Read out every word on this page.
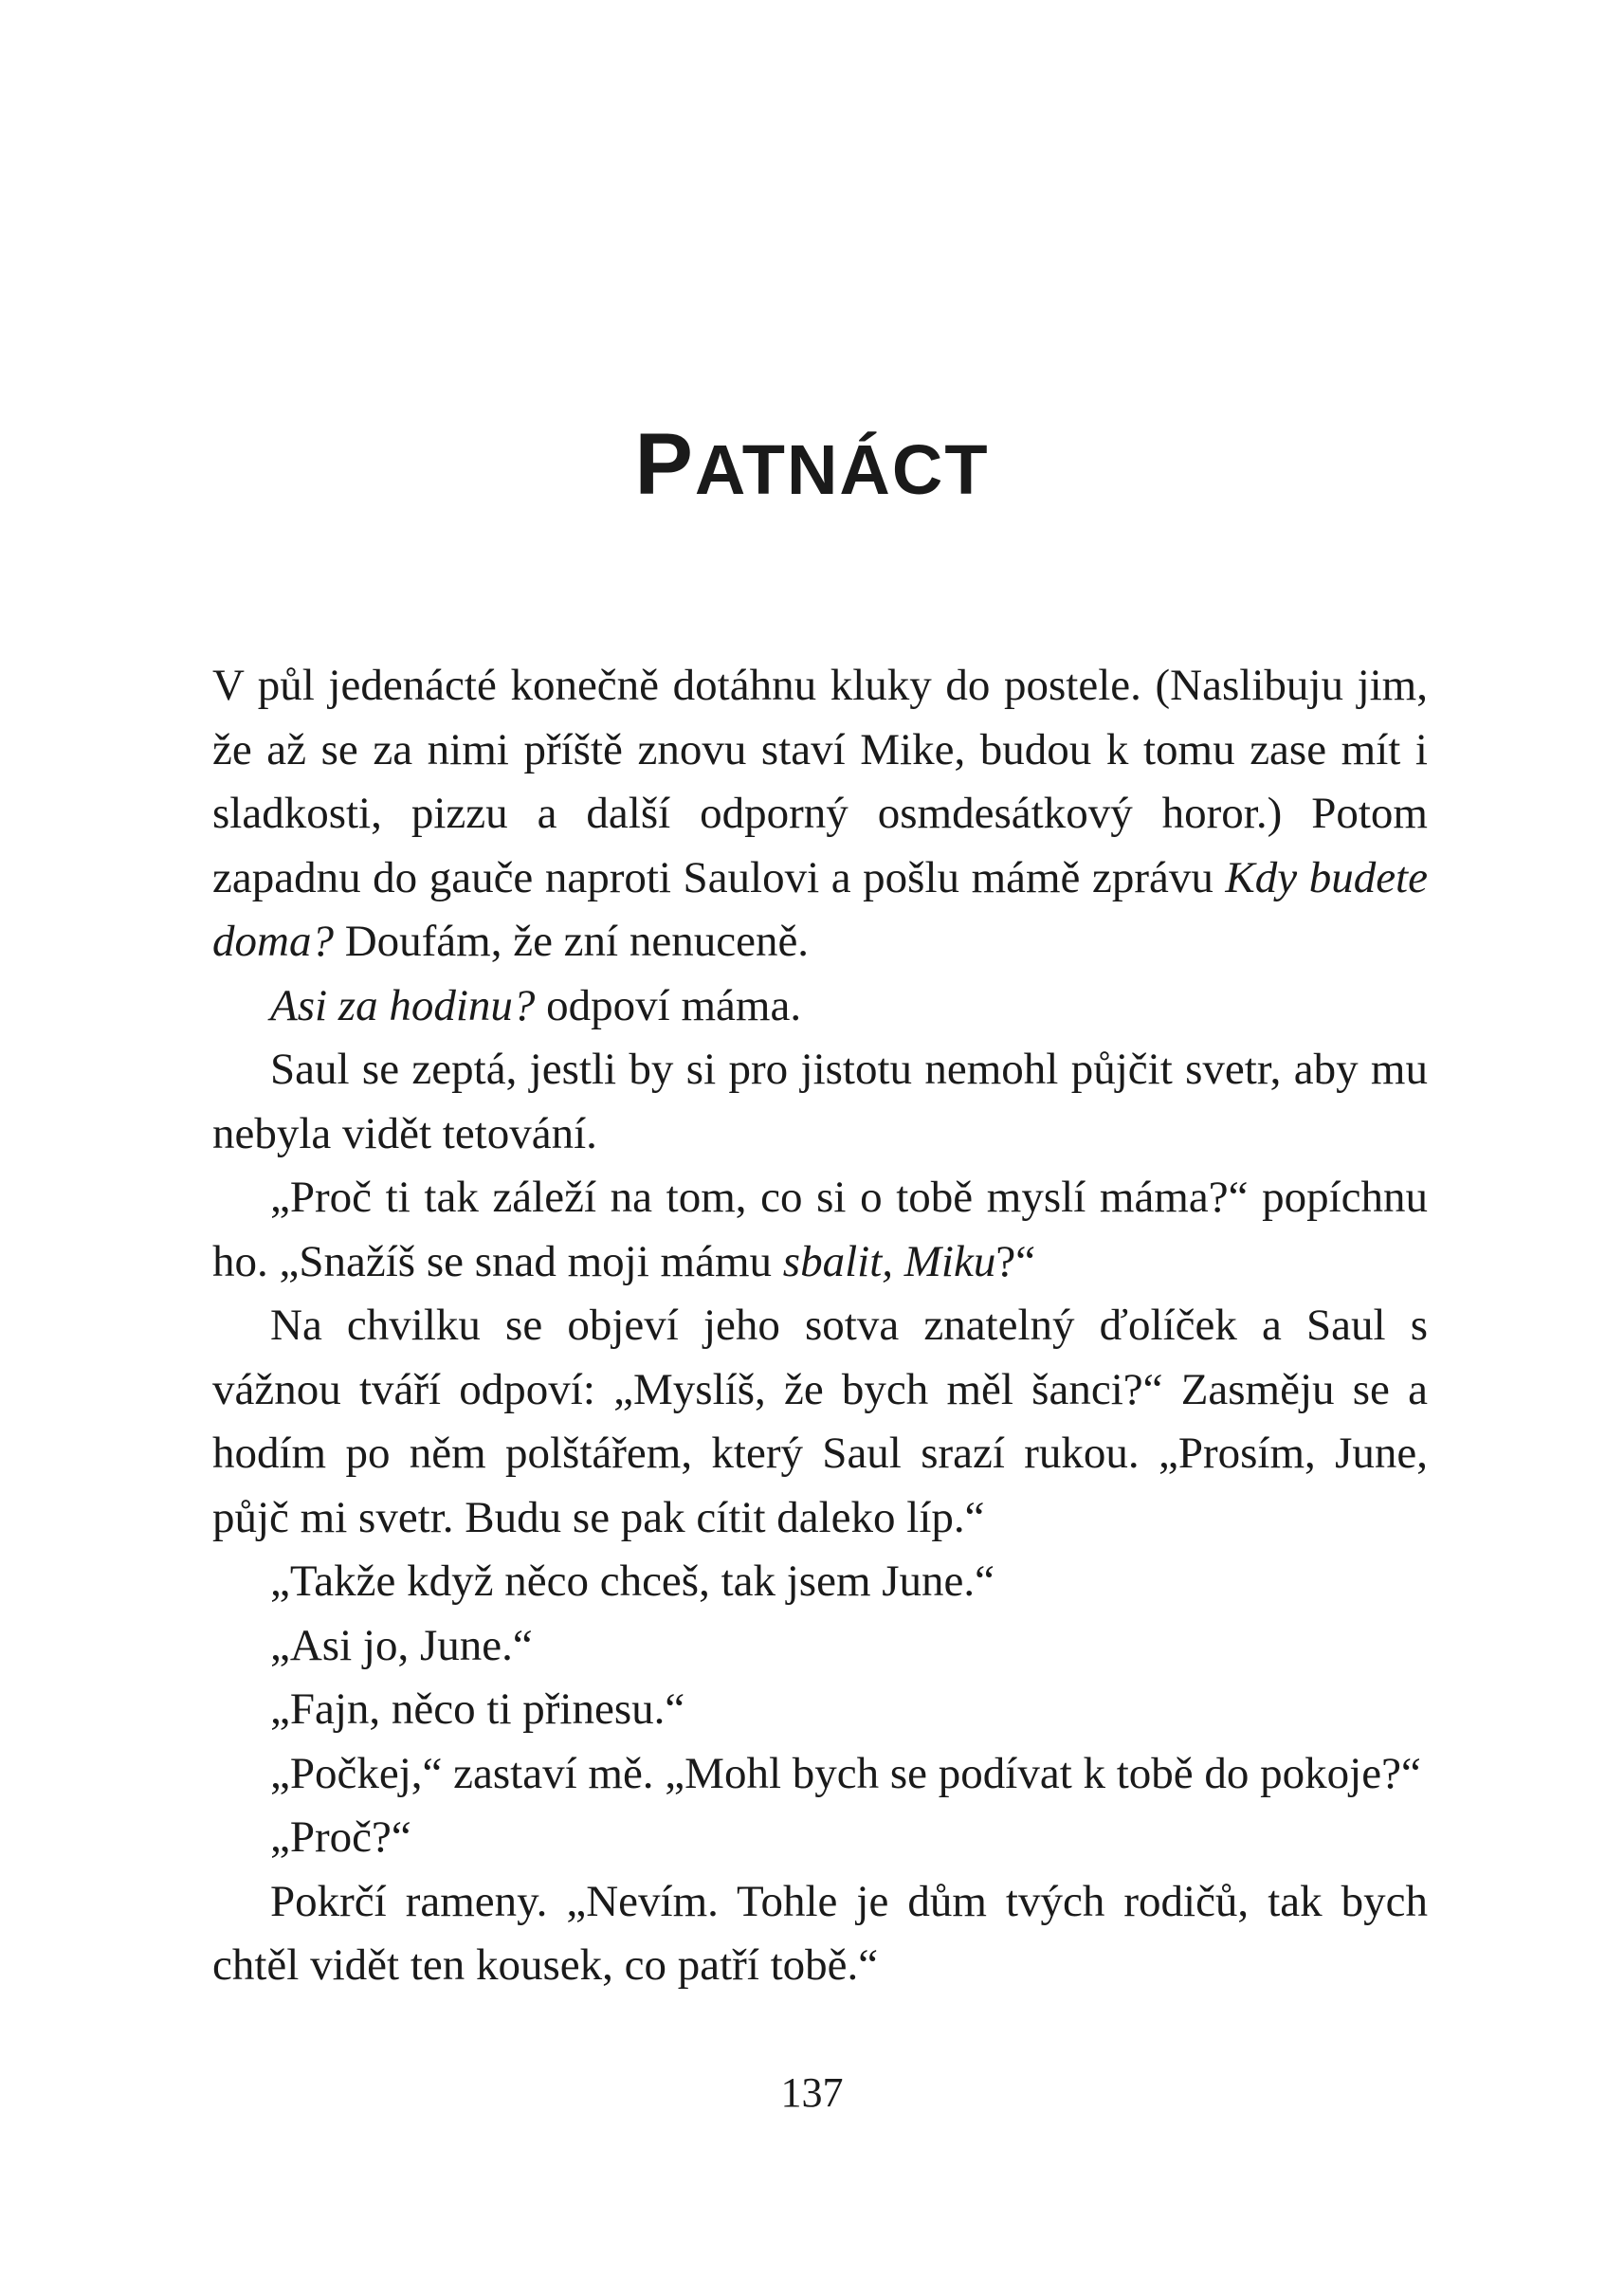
PATNÁCT

V půl jedenácté konečně dotáhnu kluky do postele. (Naslibuju jim, že až se za nimi příště znovu staví Mike, budou k tomu zase mít i sladkosti, pizzu a další odporný osmdesátkový horor.) Potom zapadnu do gauče naproti Saulovi a pošlu mámě zprávu Kdy budete doma? Doufám, že zní nenuceně.

Asi za hodinu? odpoví máma.

Saul se zeptá, jestli by si pro jistotu nemohl půjčit svetr, aby mu nebyla vidět tetování.

„Proč ti tak záleží na tom, co si o tobě myslí máma?“ popíchnu ho. „Snažíš se snad moji mámu sbalit, Miku?“

Na chvilku se objeví jeho sotva znatelný ďolíček a Saul s vážnou tváří odpoví: „Myslíš, že bych měl šanci?“ Zasměju se a hodím po něm polštářem, který Saul srazí rukou. „Prosím, June, půjč mi svetr. Budu se pak cítit daleko líp.“

„Takže když něco chceš, tak jsem June.“

„Asi jo, June.“

„Fajn, něco ti přinesu.“

„Počkej,“ zastaví mě. „Mohl bych se podívat k tobě do pokoje?“

„Proč?“

Pokrčí rameny. „Nevím. Tohle je dům tvých rodičů, tak bych chtěl vidět ten kousek, co patří tobě.“

137
